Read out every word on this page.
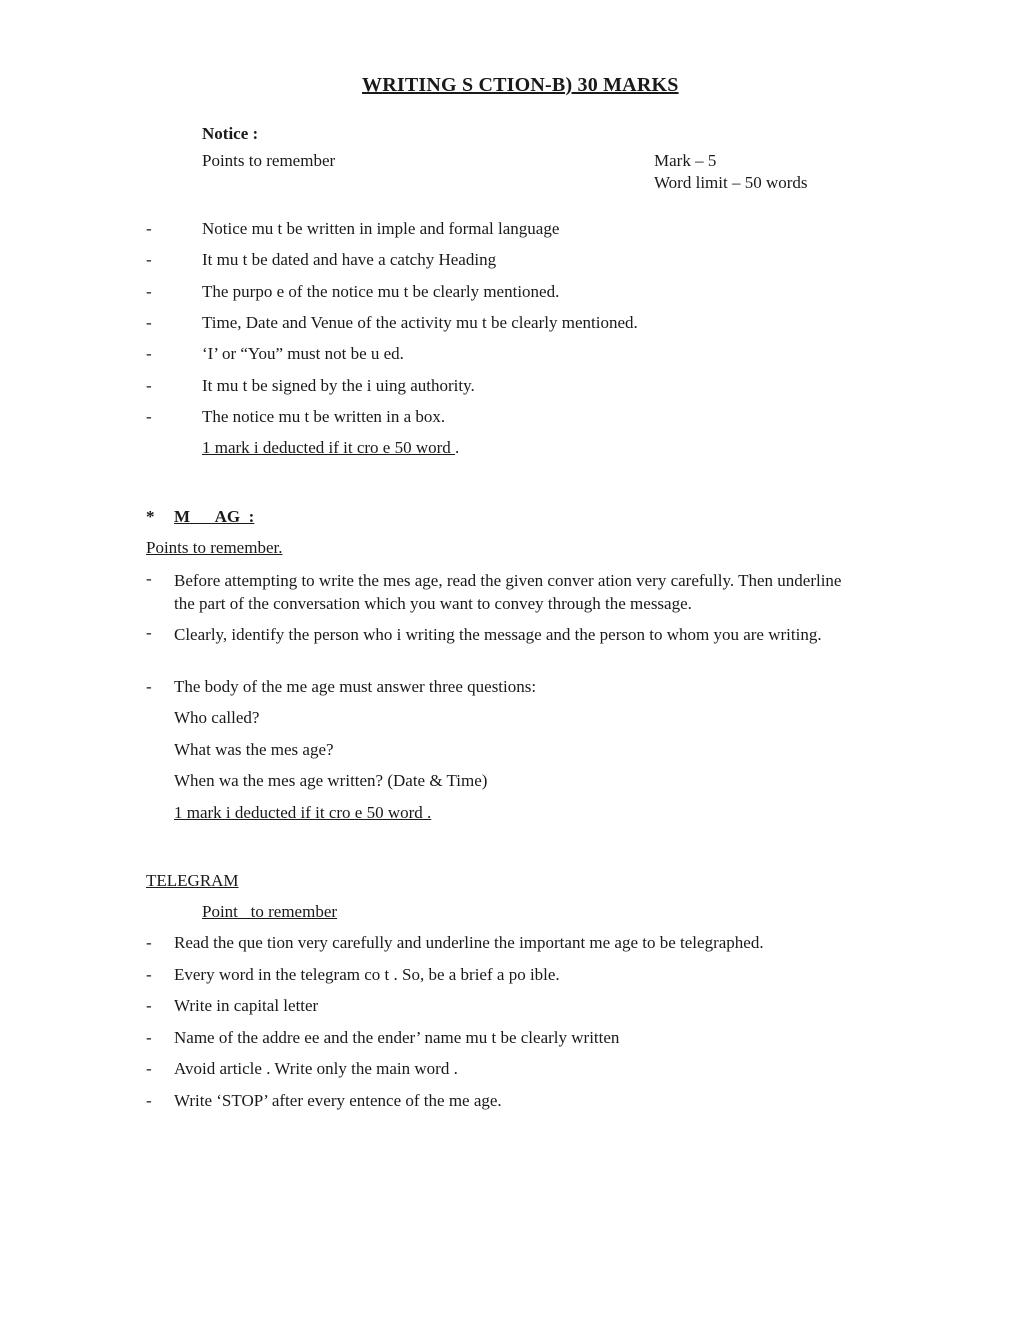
WRITING S CTION-B) 30 MARKS
Notice :
Points to remember	Mark – 5
Word limit – 50 words
-	Notice mu t be written in imple and formal language
-	It mu t be dated and have a catchy Heading
-	The purpo e of the notice mu t be clearly mentioned.
-	Time, Date and Venue of the activity mu t be clearly mentioned.
-	‘I’ or “You” must not be u ed.
-	It mu t be signed by the i uing authority.
-	The notice mu t be written in a box.
1 mark i deducted if it cro e 50 word .
* M      AG  :
Points to remember.
- Before attempting to write the mes age, read the given conver ation very carefully. Then underline the part of the conversation which you want to convey through the message.
- Clearly, identify the person who i writing the message and the person to whom you are writing.
- The body of the me age must answer three questions:
Who called?
What was the mes age?
When wa the mes age written? (Date & Time)
1 mark i deducted if it cro e 50 word .
TELEGRAM
Point   to remember
- Read the que tion very carefully and underline the important me age to be telegraphed.
- Every word in the telegram co t . So, be a brief a po ible.
- Write in capital letter
- Name of the addre ee and the ender’ name mu t be clearly written
- Avoid article . Write only the main word .
- Write ‘STOP’ after every entence of the me age.
